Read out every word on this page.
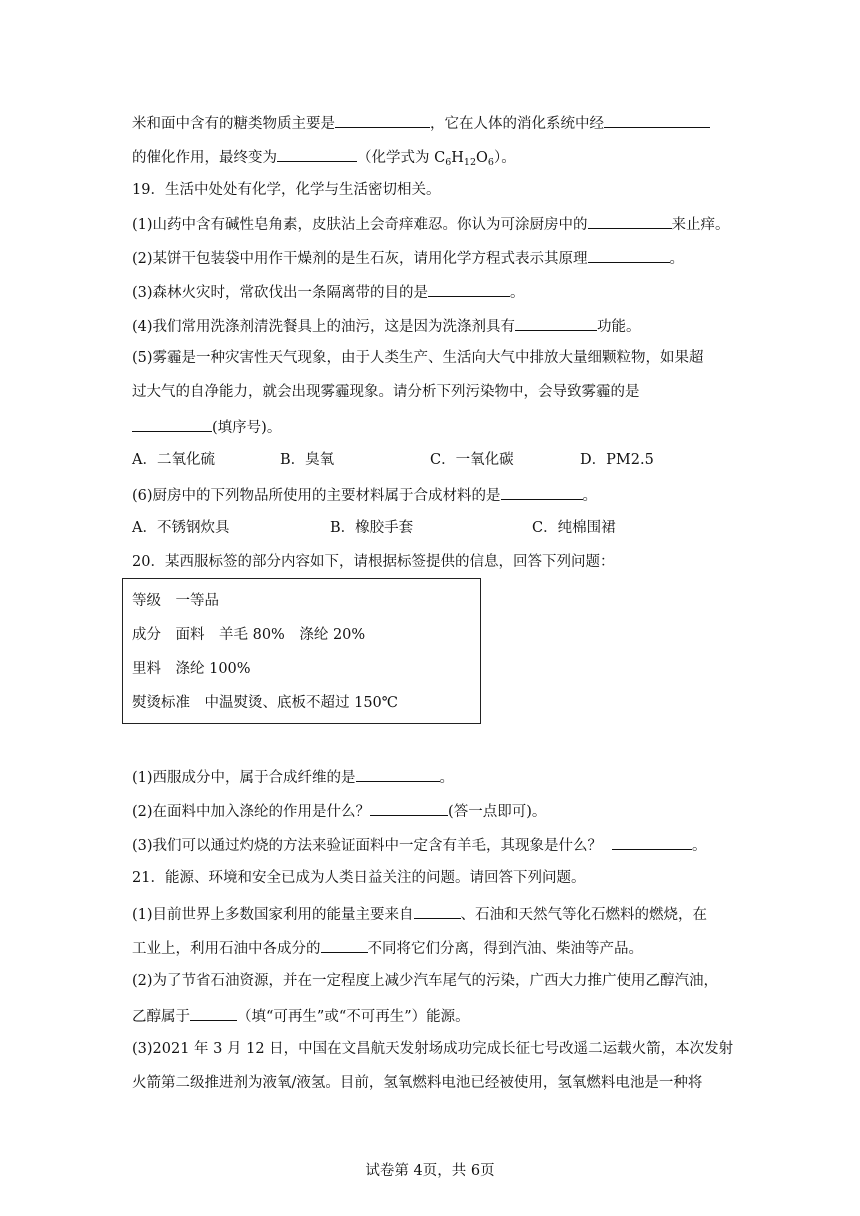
米和面中含有的糖类物质主要是	，它在人体的消化系统中经
的催化作用，最终变为	（化学式为 $C_6H_{12}O_6$）。
19．生活中处处有化学，化学与生活密切相关。
(1)山药中含有碱性皂角素，皮肤沾上会奇痒难忍。你认为可涂厨房中的	来止痒。
(2)某饼干包装袋中用作干燥剂的是生石灰，请用化学方程式表示其原理	。
(3)森林火灾时，常砍伐出一条隔离带的目的是	。
(4)我们常用洗涤剂清洗餐具上的油污，这是因为洗涤剂具有	功能。
(5)雾霾是一种灾害性天气现象，由于人类生产、生活向大气中排放大量细颗粒物，如果超
过大气的自净能力，就会出现雾霾现象。请分析下列污染物中，会导致雾霾的是
(填序号)。
A．二氧化硫	B．臭氧	C．一氧化碳	D．PM2.5
(6)厨房中的下列物品所使用的主要材料属于合成材料的是	。
A．不锈钢炊具	B．橡胶手套	C．纯棉围裙
20．某西服标签的部分内容如下，请根据标签提供的信息，回答下列问题：
等级　一等品
成分　面料　羊毛 80%　涤纶 20%
里料　涤纶 100%
熨烫标准　中温熨烫、底板不超过 150℃
(1)西服成分中，属于合成纤维的是	。
(2)在面料中加入涤纶的作用是什么？	(答一点即可)。
(3)我们可以通过灼烧的方法来验证面料中一定含有羊毛，其现象是什么？	。
21．能源、环境和安全已成为人类日益关注的问题。请回答下列问题。
(1)目前世界上多数国家利用的能量主要来自	、石油和天然气等化石燃料的燃烧，在
工业上，利用石油中各成分的	不同将它们分离，得到汽油、柴油等产品。
(2)为了节省石油资源，并在一定程度上减少汽车尾气的污染，广西大力推广使用乙醇汽油，
乙醇属于	（填“可再生”或“不可再生”）能源。
(3)2021 年 3 月 12 日，中国在文昌航天发射场成功完成长征七号改遥二运载火箭，本次发射
火箭第二级推进剂为液氧/液氢。目前，氢氧燃料电池已经被使用，氢氧燃料电池是一种将
试卷第 4页，共 6页
